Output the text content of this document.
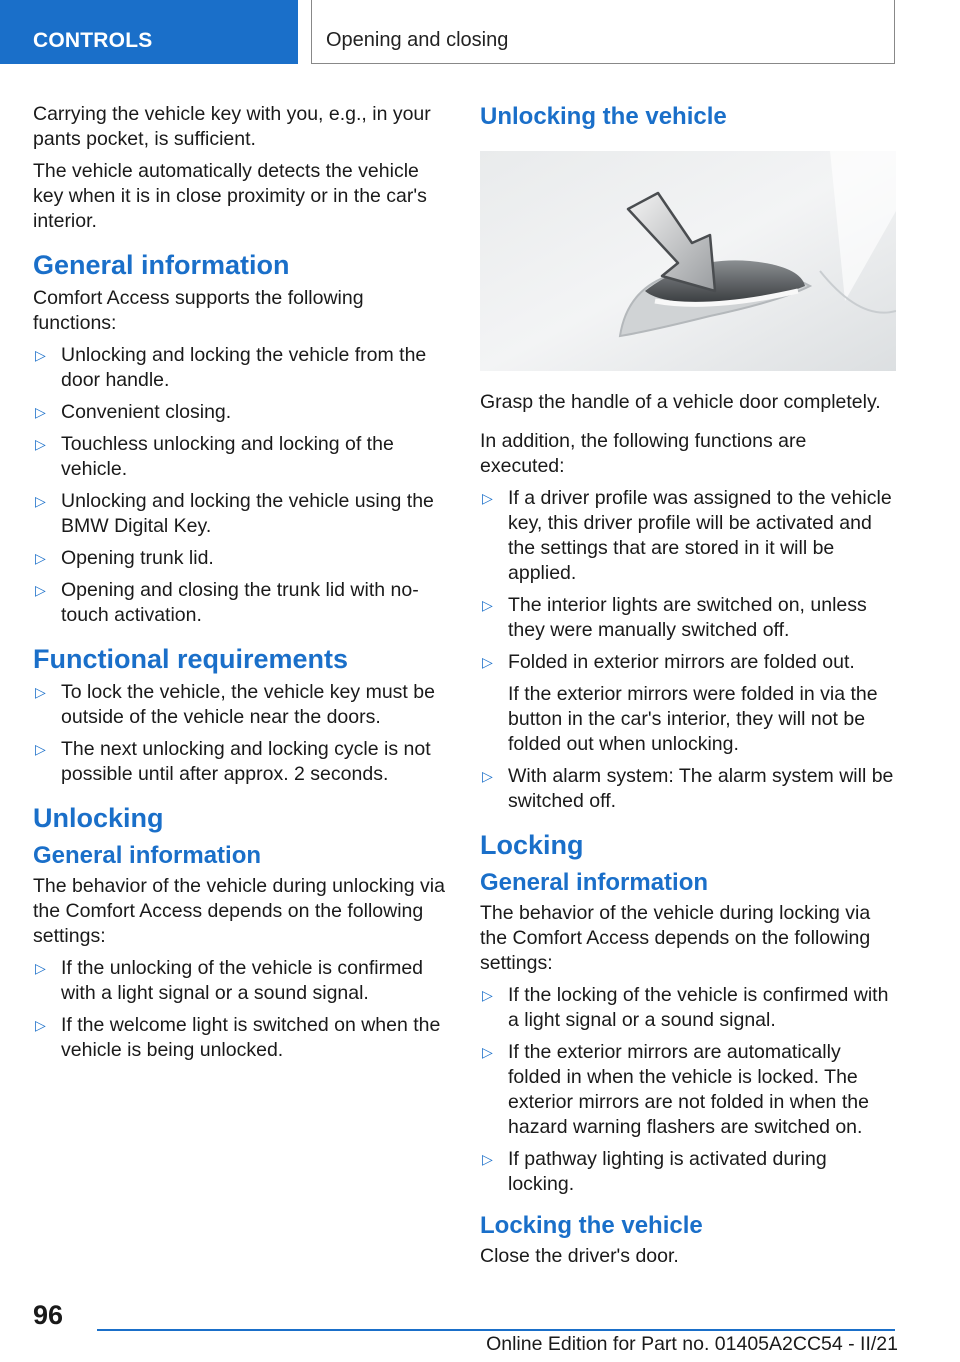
CONTROLS	Opening and closing

Carrying the vehicle key with you, e.g., in your pants pocket, is sufficient.

The vehicle automatically detects the vehicle key when it is in close proximity or in the car's interior.

General information

Comfort Access supports the following functions:

▷ Unlocking and locking the vehicle from the door handle.
▷ Convenient closing.
▷ Touchless unlocking and locking of the vehicle.
▷ Unlocking and locking the vehicle using the BMW Digital Key.
▷ Opening trunk lid.
▷ Opening and closing the trunk lid with no-touch activation.
Functional requirements
▷ To lock the vehicle, the vehicle key must be outside of the vehicle near the doors.
▷ The next unlocking and locking cycle is not possible until after approx. 2 seconds.
Unlocking
General information

The behavior of the vehicle during unlocking via the Comfort Access depends on the following settings:

▷ If the unlocking of the vehicle is confirmed with a light signal or a sound signal.
▷ If the welcome light is switched on when the vehicle is being unlocked.
Unlocking the vehicle

Grasp the handle of a vehicle door completely.

In addition, the following functions are executed:

▷ If a driver profile was assigned to the vehicle key, this driver profile will be activated and the settings that are stored in it will be applied.
▷ The interior lights are switched on, unless they were manually switched off.
▷ Folded in exterior mirrors are folded out.
If the exterior mirrors were folded in via the button in the car's interior, they will not be folded out when unlocking.
▷ With alarm system: The alarm system will be switched off.
Locking
General information

The behavior of the vehicle during locking via the Comfort Access depends on the following settings:

▷ If the locking of the vehicle is confirmed with a light signal or a sound signal.
▷ If the exterior mirrors are automatically folded in when the vehicle is locked. The exterior mirrors are not folded in when the hazard warning flashers are switched on.
▷ If pathway lighting is activated during locking.
Locking the vehicle

Close the driver's door.

96
Online Edition for Part no. 01405A2CC54 - II/21
